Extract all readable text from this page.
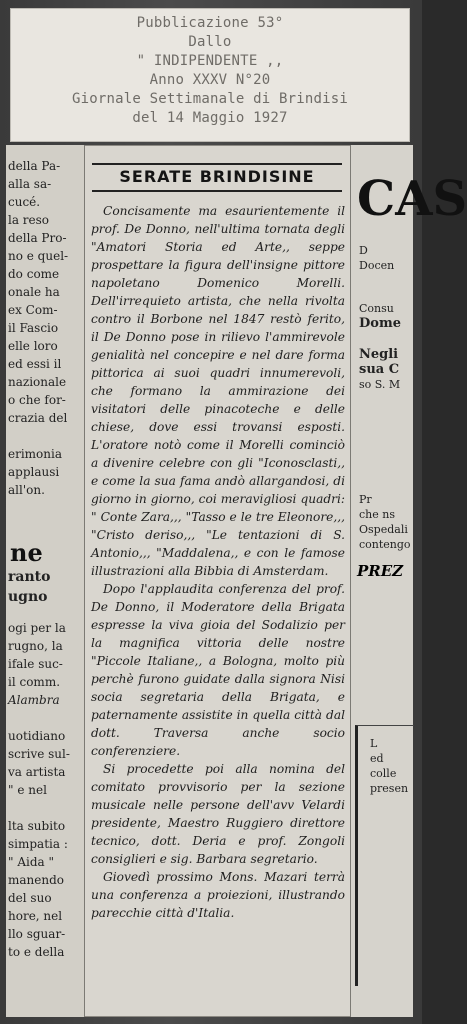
Pubblicazione 53°
Dallo
" INDIPENDENTE ,,
Anno XXXV N°20
Giornale Settimanale di Brindisi
del 14 Maggio 1927
della Pa-
alla sa-
cucé.
la reso
della Pro-
no e quel-
do come
onale ha
ex Com-
il Fascio
elle loro
ed essi il
nazionale
o che for-
crazia del

erimonia
applausi
all'on.
ne
ranto
ugno
ogi per la
rugno, la
ifale suc-
il comm.
Alambra

uotidiano
scrive sul-
va artista
" e nel

lta subito
simpatia :
" Aida "
manendo
del suo
hore, nel
llo sguar-
to e della
SERATE BRINDISINE

Concisamente ma esaurientemente il prof. De Donno, nell'ultima tornata degli "Amatori Storia ed Arte,, seppe prospettare la figura dell'insigne pittore napoletano Domenico Morelli. Dell'irrequieto artista, che nella rivolta contro il Borbone nel 1847 restò ferito, il De Donno pose in rilievo l'ammirevole genialità nel concepire e nel dare forma pittorica ai suoi quadri innumerevoli, che formano la ammirazione dei visitatori delle pinacoteche e delle chiese, dove essi trovansi esposti. L'oratore notò come il Morelli cominciò a divenire celebre con gli "Iconosclasti,, e come la sua fama andò allargandosi, di giorno in giorno, coi meravigliosi quadri: " Conte Zara,,, "Tasso e le tre Eleonore,,, "Cristo deriso,,, "Le tentazioni di S. Antonio,,, "Maddalena,, e con le famose illustrazioni alla Bibbia di Amsterdam.

Dopo l'applaudita conferenza del prof. De Donno, il Moderatore della Brigata espresse la viva gioia del Sodalizio per la magnifica vittoria delle nostre "Piccole Italiane,, a Bologna, molto più perchè furono guidate dalla signora Nisi socia segretaria della Brigata, e paternamente assistite in quella città dal dott. Traversa anche socio conferenziere.

Si procedette poi alla nomina del comitato provvisorio per la sezione musicale nelle persone dell'avv Velardi presidente, Maestro Ruggiero direttore tecnico, dott. Deria e prof. Zongoli consiglieri e sig. Barbara segretario.

Giovedì prossimo Mons. Mazari terrà una conferenza a proiezioni, illustrando parecchie città d'Italia.

CAS
D
Docen
Consu
Dome
Negli
sua C
so S. M
Pr
che ns
Ospedali
contengo
PREZ
L
ed
colle
presen
